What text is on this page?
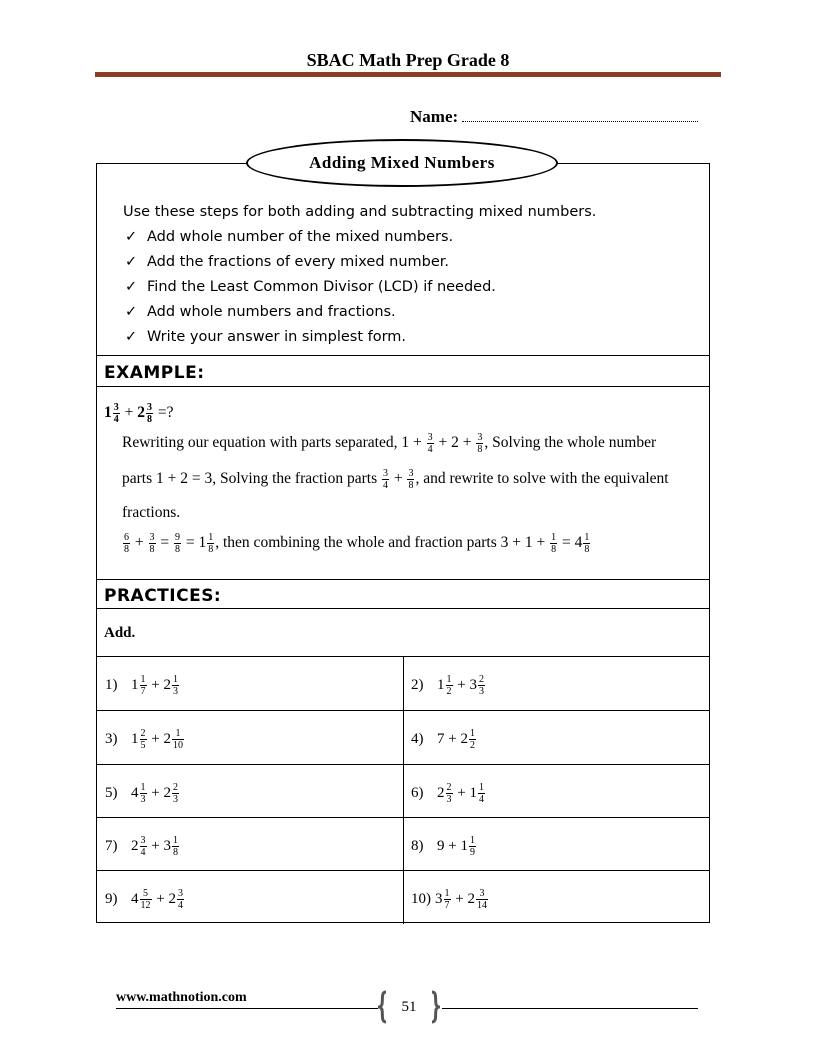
SBAC Math Prep Grade 8
Name:
Use these steps for both adding and subtracting mixed numbers.
✓ Add whole number of the mixed numbers.
✓ Add the fractions of every mixed number.
✓ Find the Least Common Divisor (LCD) if needed.
✓ Add whole numbers and fractions.
✓ Write your answer in simplest form.
EXAMPLE:
$1 \frac{3}{4} + 2 \frac{3}{8}$ =?
Rewriting our equation with parts separated, $1 + \frac{3}{4} + 2 + \frac{3}{8}$ , Solving the whole number
parts 1 + 2 = 3, Solving the fraction parts $\frac{3}{4} + \frac{3}{8}$ , and rewrite to solve with the equivalent
fractions.
$\frac{6}{8} + \frac{3}{8} = \frac{9}{8} = 1 \frac{1}{8}$ , then combining the whole and fraction parts $3 + 1 + \frac{1}{8} = 4 \frac{1}{8}$
PRACTICES:
Add.
1) $1 \frac{1}{7} + 2 \frac{1}{3}$	2) $1 \frac{1}{2} + 3 \frac{2}{3}$
3) $1 \frac{2}{5} + 2 \frac{1}{10}$	4) $7 + 2 \frac{1}{2}$
5) $4 \frac{1}{3} + 2 \frac{2}{3}$	6) $2 \frac{2}{3} + 1 \frac{1}{4}$
7) $2 \frac{3}{4} + 3 \frac{1}{8}$	8) $9 + 1 \frac{1}{9}$
9) $4 \frac{5}{12} + 2 \frac{3}{4}$	10) $3 \frac{1}{7} + 2 \frac{3}{14}$
Adding Mixed Numbers
www.mathnotion.com
51
